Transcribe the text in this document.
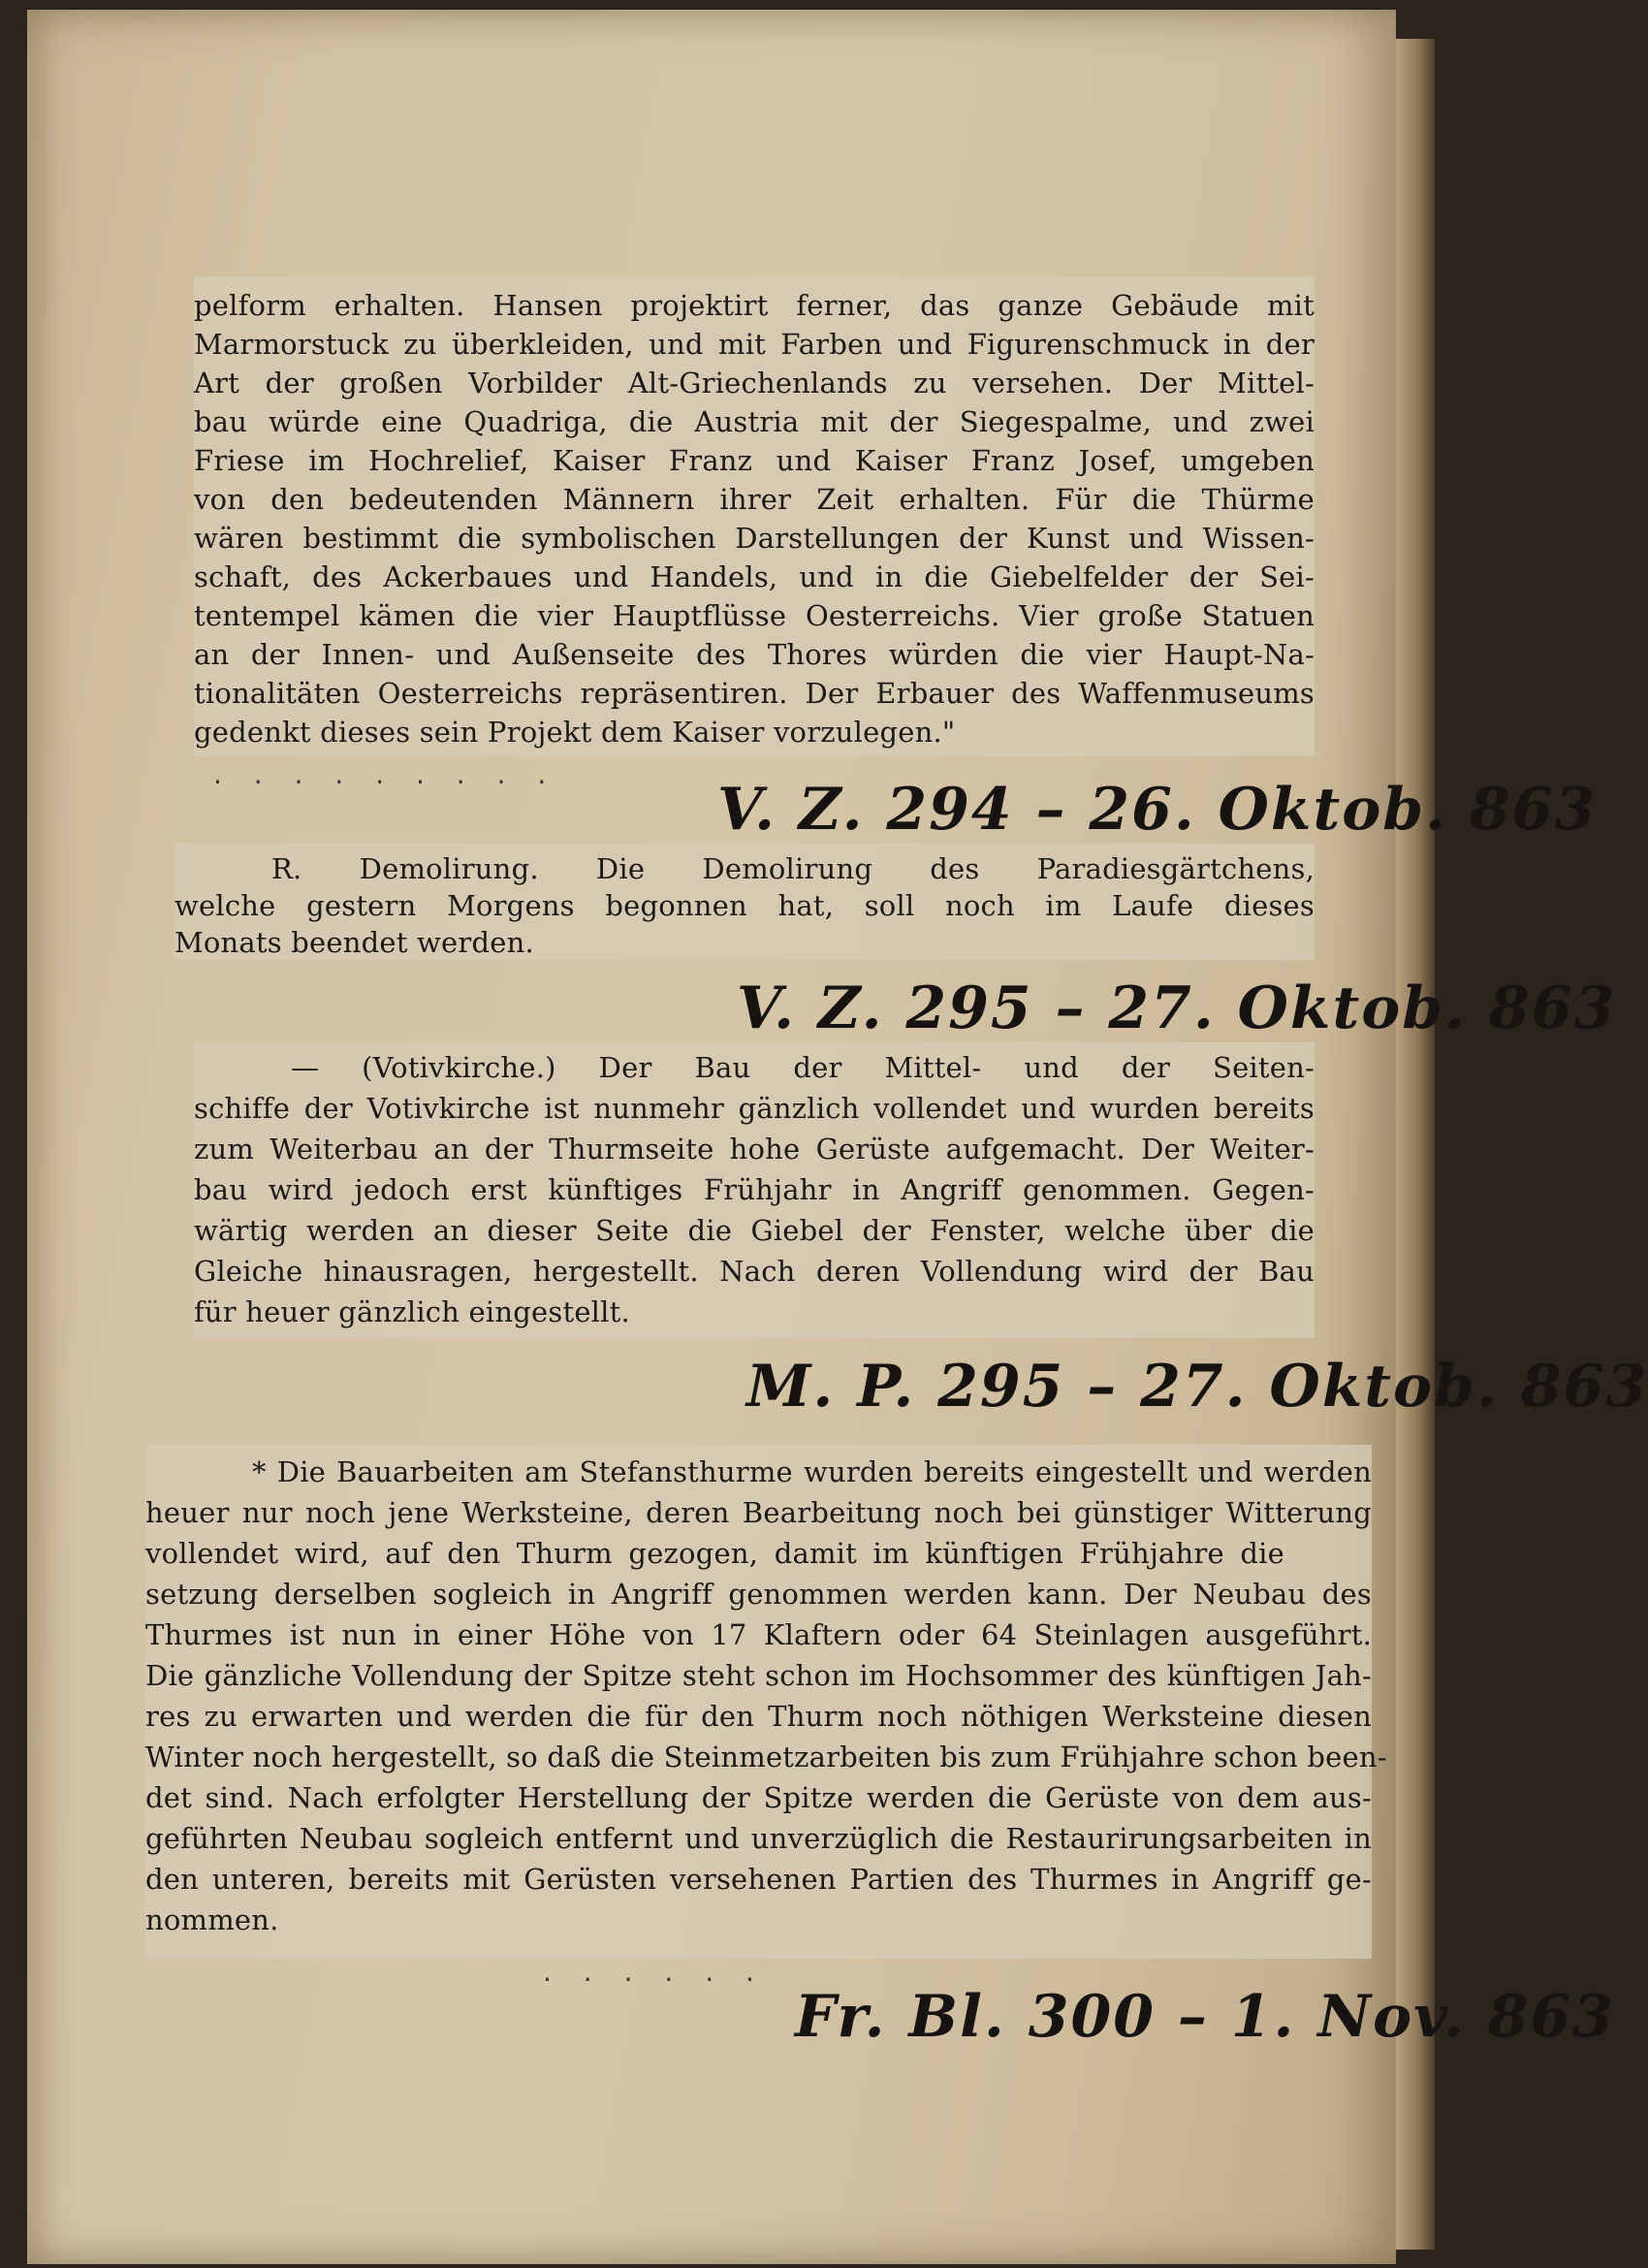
pelform erhalten. Hansen projektirt ferner, das ganze Gebäude mit
Marmorstuck zu überkleiden, und mit Farben und Figurenschmuck in der
Art der großen Vorbilder Alt-Griechenlands zu versehen. Der Mittel-
bau würde eine Quadriga, die Austria mit der Siegespalme, und zwei
Friese im Hochrelief, Kaiser Franz und Kaiser Franz Josef, umgeben
von den bedeutenden Männern ihrer Zeit erhalten. Für die Thürme
wären bestimmt die symbolischen Darstellungen der Kunst und Wissen-
schaft, des Ackerbaues und Handels, und in die Giebelfelder der Sei-
tentempel kämen die vier Hauptflüsse Oesterreichs. Vier große Statuen
an der Innen- und Außenseite des Thores würden die vier Haupt-Na-
tionalitäten Oesterreichs repräsentiren. Der Erbauer des Waffenmuseums
gedenkt dieses sein Projekt dem Kaiser vorzulegen."
· · · · · · · · ·	V. Z. 294 – 26. Oktob. 863
R. Demolirung. Die Demolirung des Paradiesgärtchens,
welche gestern Morgens begonnen hat, soll noch im Laufe dieses
Monats beendet werden.
V. Z. 295 – 27. Oktob. 863
— (Votivkirche.) Der Bau der Mittel- und der Seiten-
schiffe der Votivkirche ist nunmehr gänzlich vollendet und wurden bereits
zum Weiterbau an der Thurmseite hohe Gerüste aufgemacht. Der Weiter-
bau wird jedoch erst künftiges Frühjahr in Angriff genommen. Gegen-
wärtig werden an dieser Seite die Giebel der Fenster, welche über die
Gleiche hinausragen, hergestellt. Nach deren Vollendung wird der Bau
für heuer gänzlich eingestellt.
M. P. 295 – 27. Oktob. 863
* Die Bauarbeiten am Stefansthurme wurden bereits eingestellt und werden
heuer nur noch jene Werksteine, deren Bearbeitung noch bei günstiger Witterung
vollendet wird, auf den Thurm gezogen, damit im künftigen Frühjahre die
setzung derselben sogleich in Angriff genommen werden kann. Der Neubau des
Thurmes ist nun in einer Höhe von 17 Klaftern oder 64 Steinlagen ausgeführt.
Die gänzliche Vollendung der Spitze steht schon im Hochsommer des künftigen Jah-
res zu erwarten und werden die für den Thurm noch nöthigen Werksteine diesen
Winter noch hergestellt, so daß die Steinmetzarbeiten bis zum Frühjahre schon been-
det sind. Nach erfolgter Herstellung der Spitze werden die Gerüste von dem aus-
geführten Neubau sogleich entfernt und unverzüglich die Restaurirungsarbeiten in
den unteren, bereits mit Gerüsten versehenen Partien des Thurmes in Angriff ge-
nommen.
· · · · · ·
Fr. Bl. 300 – 1. Nov. 863
